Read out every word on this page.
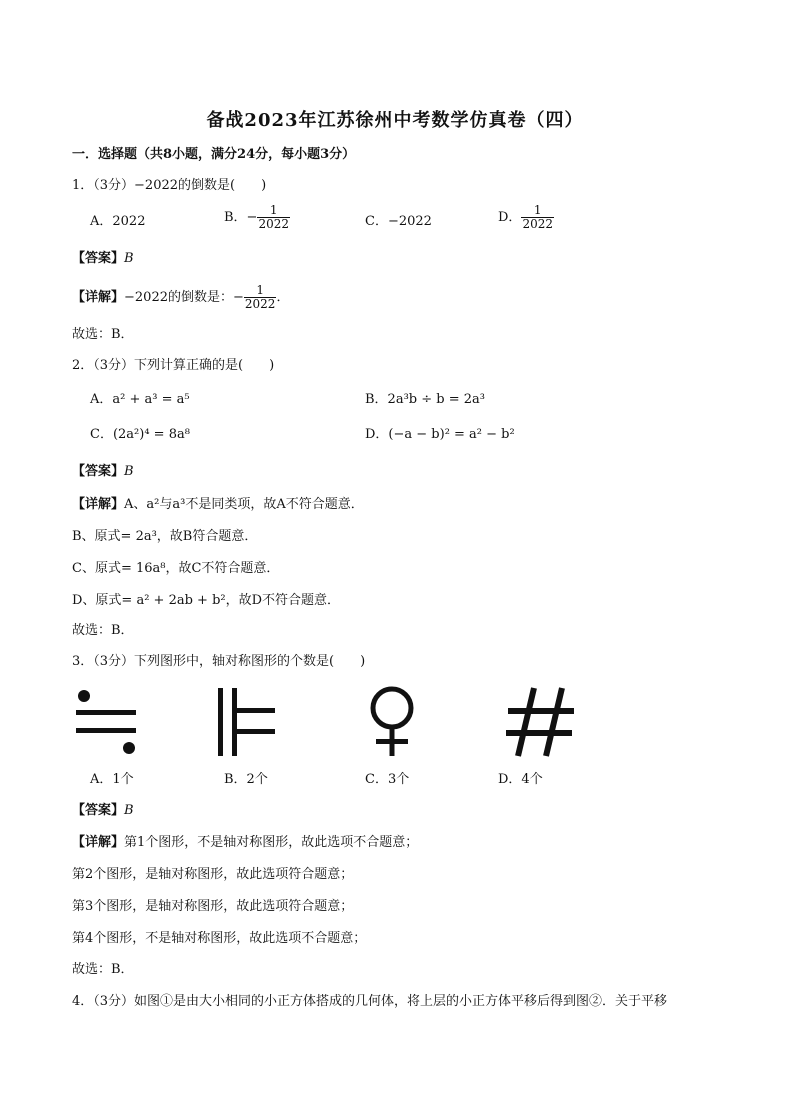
备战2023年江苏徐州中考数学仿真卷（四）
一．选择题（共8小题，满分24分，每小题3分）
1．（3分）−2022的倒数是(　　)
A．2022	B．− $\frac{1}{2022}$	C．−2022	D． $\frac{1}{2022}$
【答案】B
【详解】−2022的倒数是：− $\frac{1}{2022}$ ．
故选：B．
2．（3分）下列计算正确的是(　　)
A．a² + a³ = a⁵	B．2a³b ÷ b = 2a³
C．(2a²)⁴ = 8a⁸	D．(−a − b)² = a² − b²
【答案】B
【详解】A、a²与a³不是同类项，故A不符合题意．
B、原式= 2a³，故B符合题意．
C、原式= 16a⁸，故C不符合题意．
D、原式= a² + 2ab + b²，故D不符合题意．
故选：B．
3．（3分）下列图形中，轴对称图形的个数是(　　)
A．1个	B．2个	C．3个	D．4个
【答案】B
【详解】第1个图形，不是轴对称图形，故此选项不合题意；
第2个图形，是轴对称图形，故此选项符合题意；
第3个图形，是轴对称图形，故此选项符合题意；
第4个图形，不是轴对称图形，故此选项不合题意；
故选：B．
4．（3分）如图①是由大小相同的小正方体搭成的几何体，将上层的小正方体平移后得到图②．关于平移
